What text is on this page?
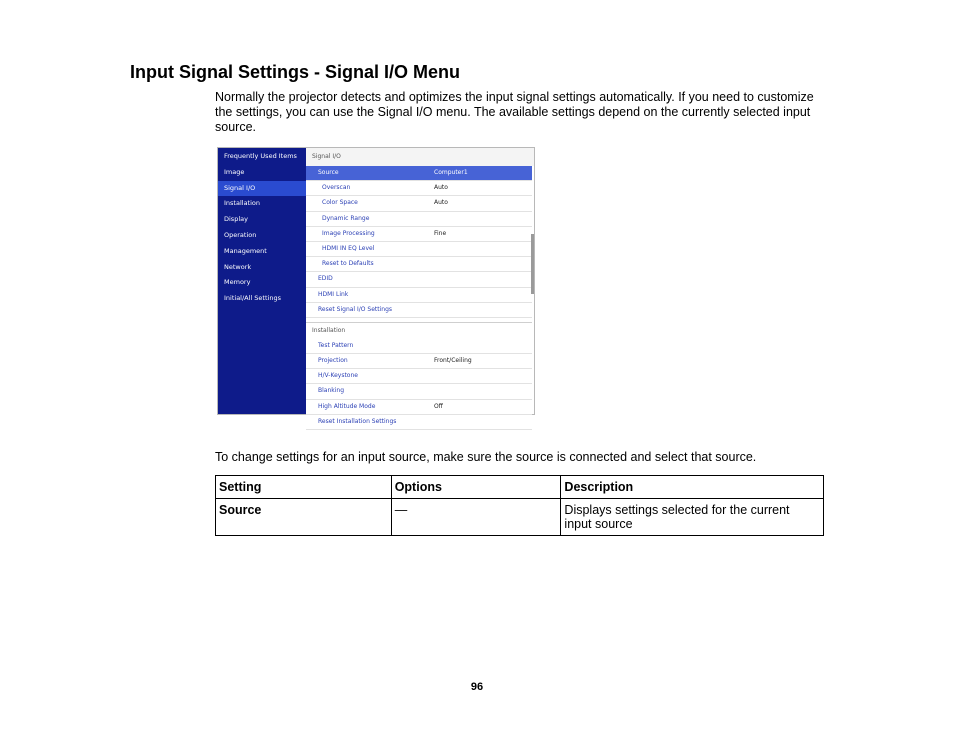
Input Signal Settings - Signal I/O Menu

Normally the projector detects and optimizes the input signal settings automatically. If you need to customize the settings, you can use the Signal I/O menu. The available settings depend on the currently selected input source.

Frequently Used Items
Image
Signal I/O
Installation
Display
Operation
Management
Network
Memory
Initial/All Settings
Signal I/O
Source	Computer1
Overscan	Auto
Color Space	Auto
Dynamic Range
Image Processing	Fine
HDMI IN EQ Level
Reset to Defaults
EDID
HDMI Link
Reset Signal I/O Settings
Installation
Test Pattern
Projection	Front/Ceiling
H/V-Keystone
Blanking
High Altitude Mode	Off
Reset Installation Settings

To change settings for an input source, make sure the source is connected and select that source.

Setting	Options	Description
Source	—	Displays settings selected for the current input source
96
